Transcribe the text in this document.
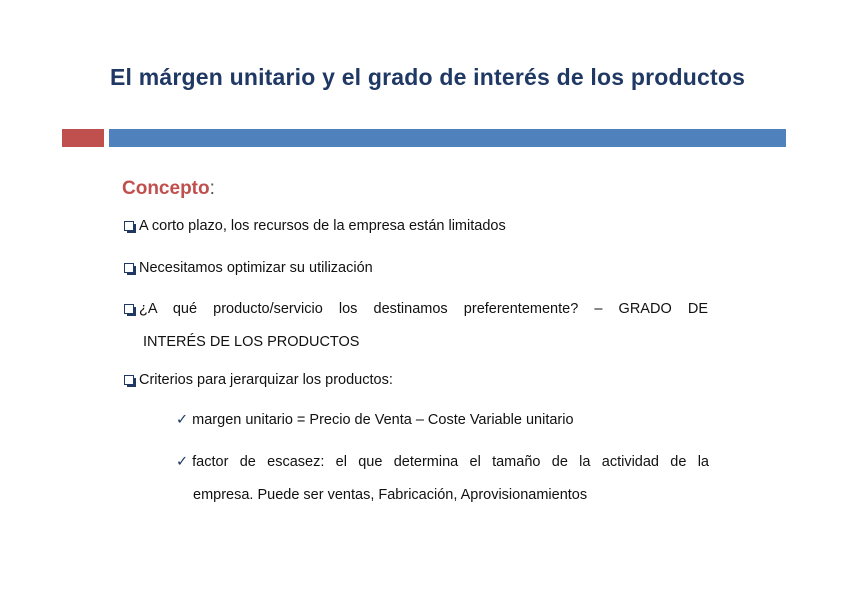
El márgen unitario y el grado de interés de los productos
Concepto:
A corto plazo, los recursos de la empresa están limitados
Necesitamos optimizar su utilización
¿A qué producto/servicio los destinamos preferentemente? – GRADO DE
INTERÉS DE LOS PRODUCTOS
Criterios para jerarquizar los productos:
✓ margen unitario = Precio de Venta – Coste Variable unitario
✓ factor de escasez: el que determina el tamaño de la actividad de la
empresa. Puede ser ventas, Fabricación, Aprovisionamientos
